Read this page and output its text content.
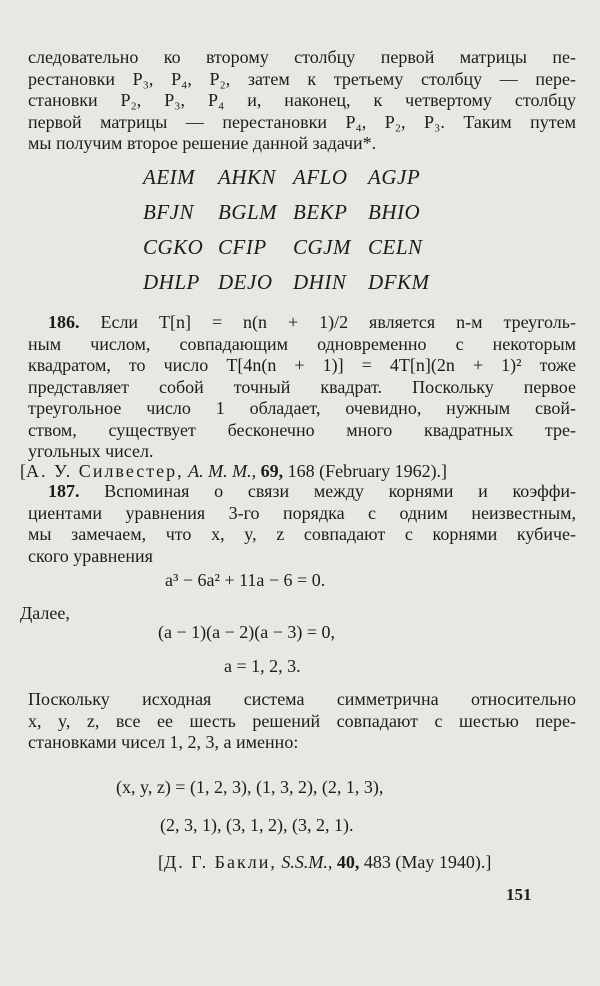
следовательно ко второму столбцу первой матрицы пе-
рестановки P₃, P₄, P₂, затем к третьему столбцу — пере-
становки P₂, P₃, P₄ и, наконец, к четвертому столбцу
первой матрицы — перестановки P₄, P₂, P₃. Таким путем
мы получим второе решение данной задачи*.
AEIM	AHKN AFLO AGJP
BFJN	BGLM BEKP BHIO
CGKO CFIP	CGJM CELN
DHLP DEJO DHIN	DFKM
186. Если T[n] = n(n + 1)/2 является n-м треуголь-
ным числом, совпадающим одновременно с некоторым
квадратом, то число T[4n(n + 1)] = 4T[n](2n + 1)² тоже
представляет собой точный квадрат. Поскольку первое
треугольное число 1 обладает, очевидно, нужным свой-
ством, существует бесконечно много квадратных тре-
угольных чисел.
[А. У. Силвестер, A. M. M., 69, 168 (February 1962).]
187. Вспоминая о связи между корнями и коэффи-
циентами уравнения 3-го порядка с одним неизвестным,
мы замечаем, что x, y, z совпадают с корнями кубиче-
ского уравнения
a³ − 6a² + 11a − 6 = 0.
Далее,
(a − 1)(a − 2)(a − 3) = 0,
a = 1, 2, 3.
Поскольку исходная система симметрична относительно
x, y, z, все ее шесть решений совпадают с шестью пере-
становками чисел 1, 2, 3, а именно:
(x, y, z) = (1, 2, 3), (1, 3, 2), (2, 1, 3),
(2, 3, 1), (3, 1, 2), (3, 2, 1).
[Д. Г. Бакли, S.S.M., 40, 483 (May 1940).]
151
